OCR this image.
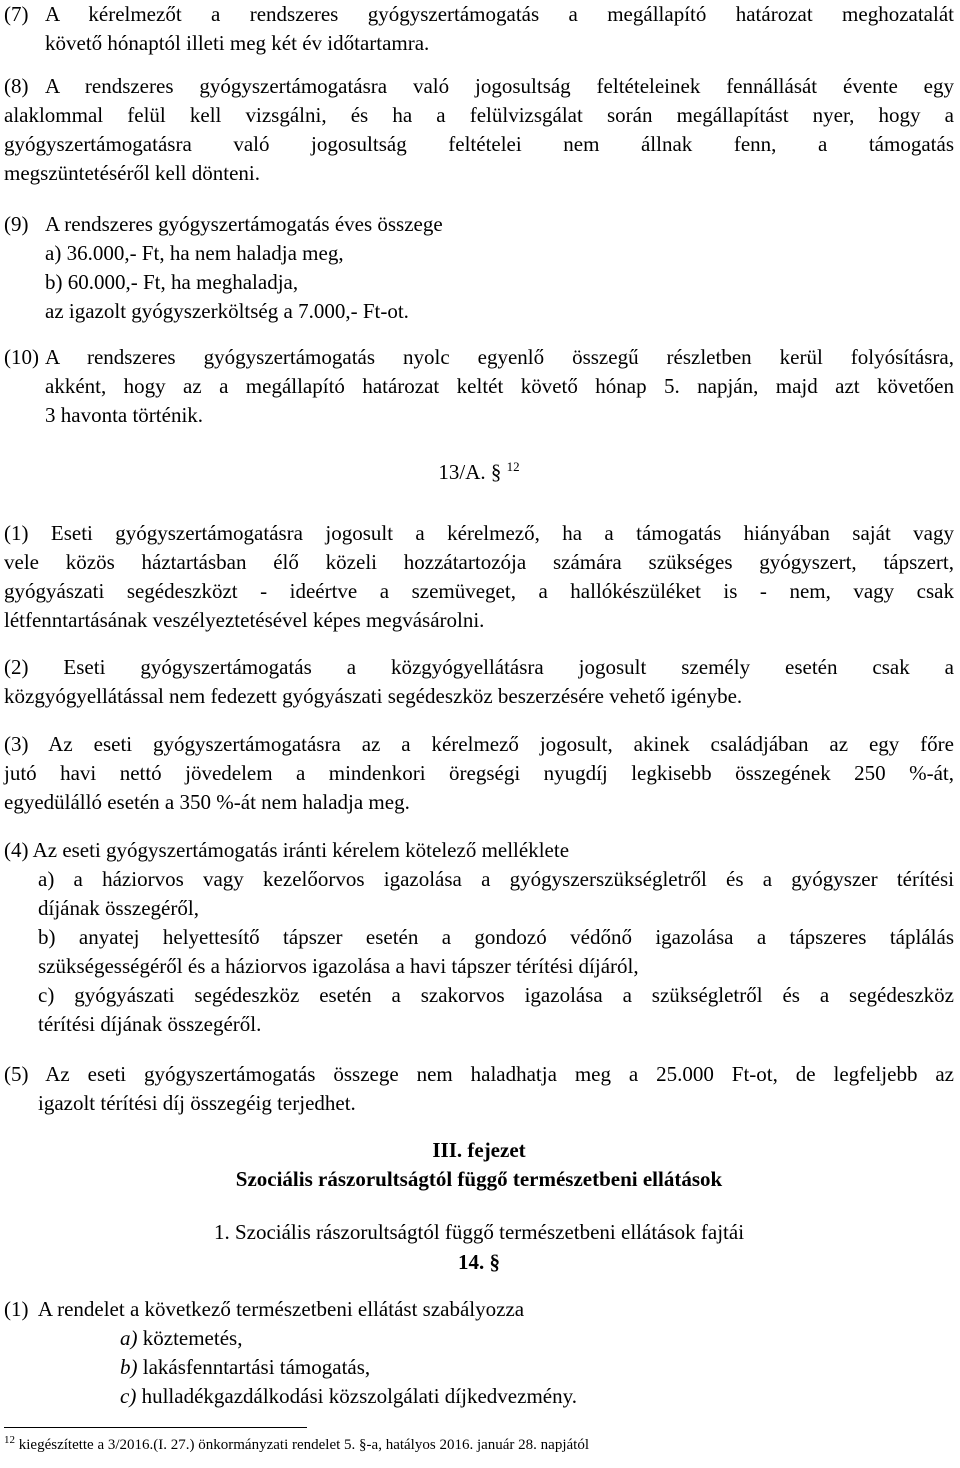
(7) A kérelmezőt a rendszeres gyógyszertámogatás a megállapító határozat meghozatalát
követő hónaptól illeti meg két év időtartamra.
(8) A rendszeres gyógyszertámogatásra való jogosultság feltételeinek fennállását évente egy
alaklommal felül kell vizsgálni, és ha a felülvizsgálat során megállapítást nyer, hogy a
gyógyszertámogatásra való jogosultság feltételei nem állnak fenn, a támogatás
megszüntetéséről kell dönteni.
(9) A rendszeres gyógyszertámogatás éves összege
a) 36.000,- Ft, ha nem haladja meg,
b) 60.000,- Ft, ha meghaladja,
az igazolt gyógyszerköltség a 7.000,- Ft-ot.
(10) A rendszeres gyógyszertámogatás nyolc egyenlő összegű részletben kerül folyósításra,
akként, hogy az a megállapító határozat keltét követő hónap 5. napján, majd azt követően
3 havonta történik.
13/A. § $^{12}$
(1) Eseti gyógyszertámogatásra jogosult a kérelmező, ha a támogatás hiányában saját vagy
vele közös háztartásban élő közeli hozzátartozója számára szükséges gyógyszert, tápszert,
gyógyászati segédeszközt - ideértve a szemüveget, a hallókészüléket is - nem, vagy csak
létfenntartásának veszélyeztetésével képes megvásárolni.
(2) Eseti gyógyszertámogatás a közgyógyellátásra jogosult személy esetén csak a
közgyógyellátással nem fedezett gyógyászati segédeszköz beszerzésére vehető igénybe.
(3) Az eseti gyógyszertámogatásra az a kérelmező jogosult, akinek családjában az egy főre
jutó havi nettó jövedelem a mindenkori öregségi nyugdíj legkisebb összegének 250 %-át,
egyedülálló esetén a 350 %-át nem haladja meg.
(4) Az eseti gyógyszertámogatás iránti kérelem kötelező melléklete
a) a háziorvos vagy kezelőorvos igazolása a gyógyszerszükségletről és a gyógyszer térítési
díjának összegéről,
b) anyatej helyettesítő tápszer esetén a gondozó védőnő igazolása a tápszeres táplálás
szükségességéről és a háziorvos igazolása a havi tápszer térítési díjáról,
c) gyógyászati segédeszköz esetén a szakorvos igazolása a szükségletről és a segédeszköz
térítési díjának összegéről.
(5) Az eseti gyógyszertámogatás összege nem haladhatja meg a 25.000 Ft-ot, de legfeljebb az
igazolt térítési díj összegéig terjedhet.
III. fejezet
Szociális rászorultságtól függő természetbeni ellátások
1. Szociális rászorultságtól függő természetbeni ellátások fajtái
14. §
(1)  A rendelet a következő természetbeni ellátást szabályozza
a) köztemetés,
b) lakásfenntartási támogatás,
c) hulladékgazdálkodási közszolgálati díjkedvezmény.
$^{12}$ kiegészítette a 3/2016.(I. 27.) önkormányzati rendelet 5. §-a, hatályos 2016. január 28. napjától
